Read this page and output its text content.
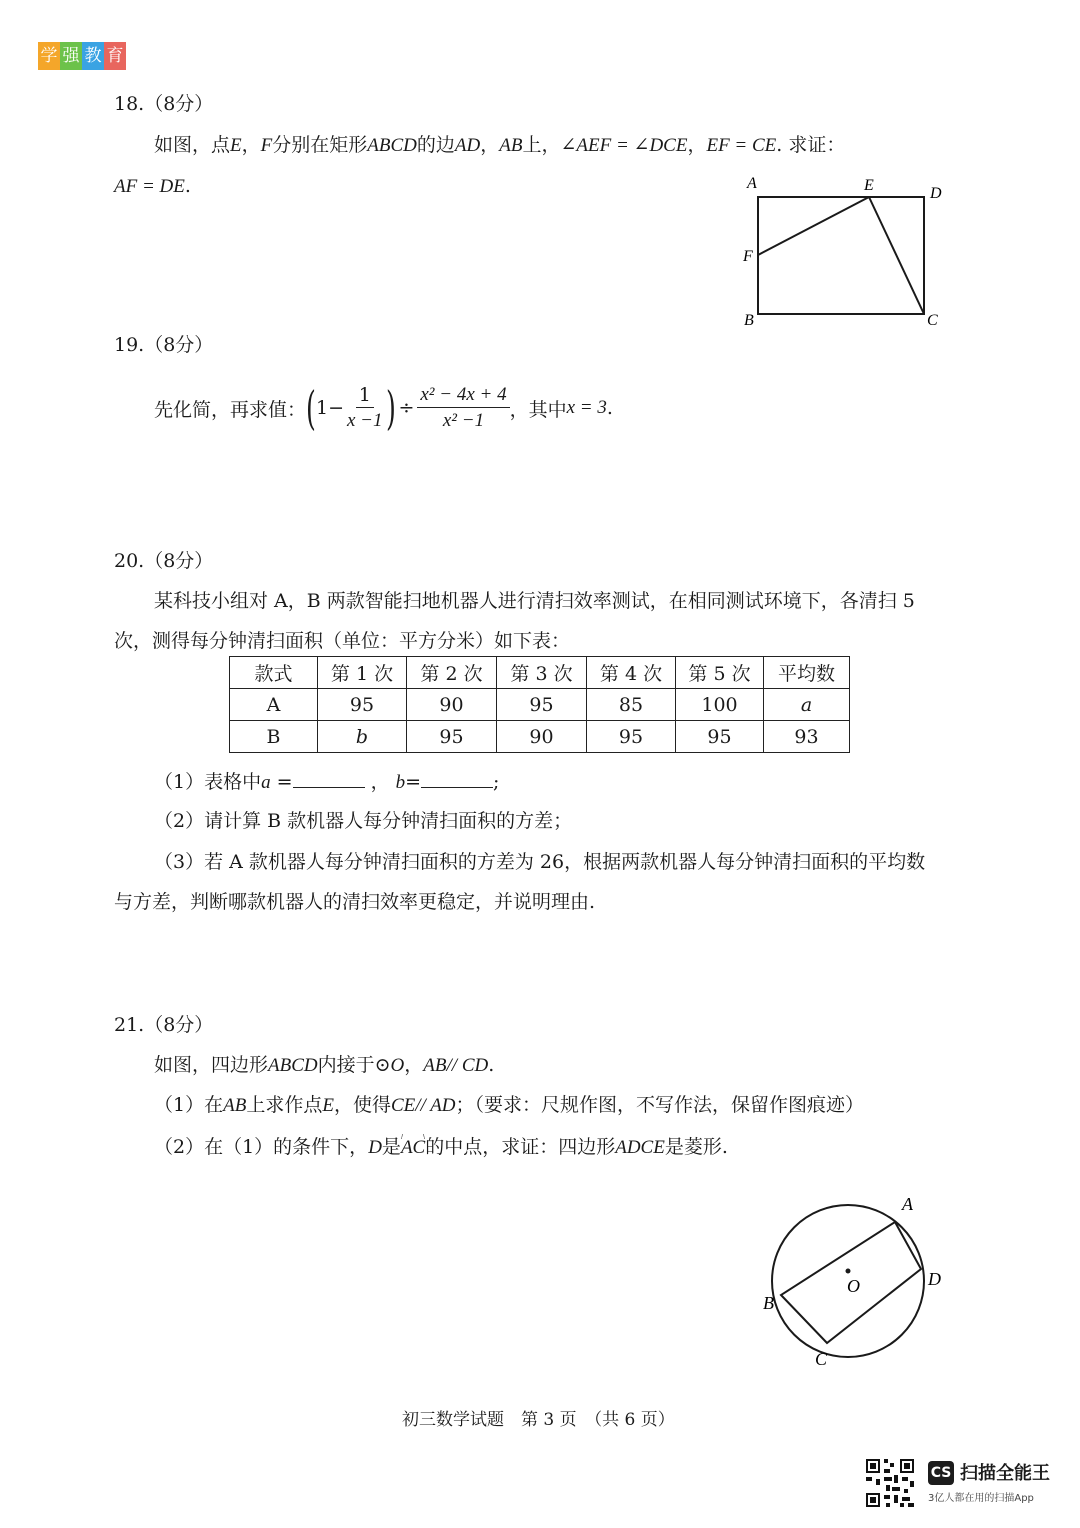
学 强 教 育
18.（8分）
如图，点E，F分别在矩形ABCD的边AD，AB上，∠AEF = ∠DCE，EF = CE. 求证：
AF = DE.	A	E	D
F
B	C
19.（8分）
先化简，再求值： ( $1 - \frac{1}{x -1}$ ) ÷ $\frac{\text{x² − 4x + 4}}{\text{x² −1}}$ ，其中 x = 3 .
20.（8分）
某科技小组对 A，B 两款智能扫地机器人进行清扫效率测试，在相同测试环境下，各清扫 5
次，测得每分钟清扫面积（单位：平方分米）如下表：
款式	第 1 次	第 2 次	第 3 次	第 4 次	第 5 次	平均数
A	95	90	95	85	100	a
B	b	95	90	95	95	93
（1）表格中a =	， b=	;
（2）请计算 B 款机器人每分钟清扫面积的方差；
（3）若 A 款机器人每分钟清扫面积的方差为 26，根据两款机器人每分钟清扫面积的平均数
与方差，判断哪款机器人的清扫效率更稳定，并说明理由.
21.（8分）
如图，四边形ABCD内接于⊙O，AB// CD.
（1）在AB上求作点E，使得CE// AD；（要求：尺规作图，不写作法，保留作图痕迹）
（2）在（1）的条件下，D是AC的中点，求证：四边形ADCE是菱形.
A
D
B
C
O
初三数学试题　第 3 页　（共 6 页）
CS 扫描全能王
3亿人都在用的扫描App
